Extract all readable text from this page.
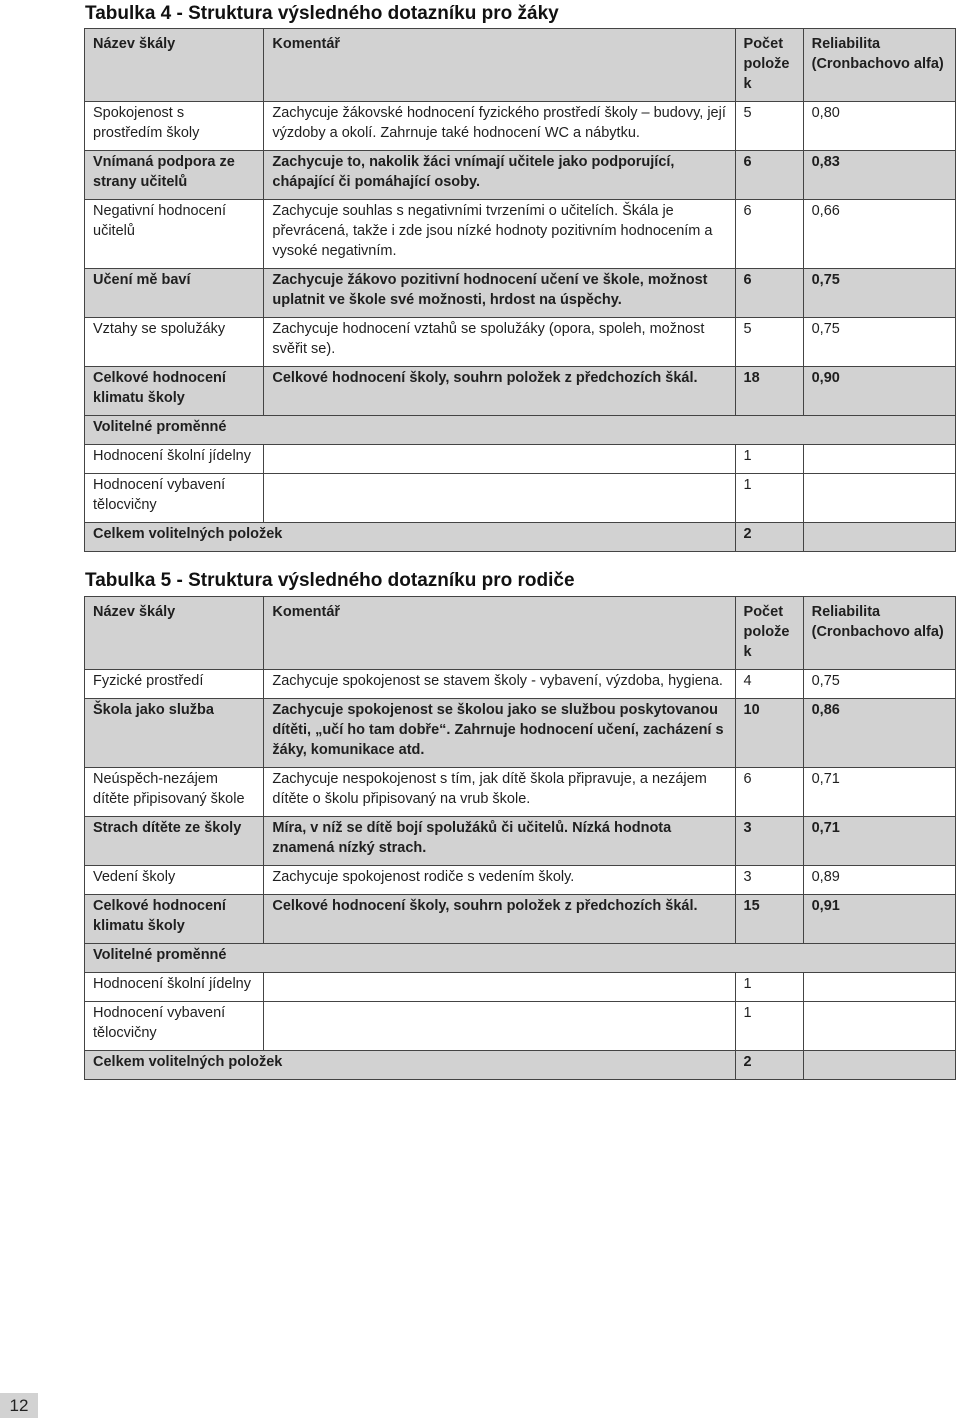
Tabulka 4 - Struktura výsledného dotazníku pro žáky
Název škály	Komentář	Počet položek	Reliabilita (Cronbachovo alfa)
Spokojenost s prostředím školy	Zachycuje žákovské hodnocení fyzického prostředí školy – budovy, její výzdoby a okolí. Zahrnuje také hodnocení WC a nábytku.	5	0,80
Vnímaná podpora ze strany učitelů	Zachycuje to, nakolik žáci vnímají učitele jako podporující, chápající či pomáhající osoby.	6	0,83
Negativní hodnocení učitelů	Zachycuje souhlas s negativními tvrzeními o učitelích. Škála je převrácená, takže i zde jsou nízké hodnoty pozitivním hodnocením a vysoké negativním.	6	0,66
Učení mě baví	Zachycuje žákovo pozitivní hodnocení učení ve škole, možnost uplatnit ve škole své možnosti, hrdost na úspěchy.	6	0,75
Vztahy se spolužáky	Zachycuje hodnocení vztahů se spolužáky (opora, spoleh, možnost svěřit se).	5	0,75
Celkové hodnocení klimatu školy	Celkové hodnocení školy, souhrn položek z předchozích škál.	18	0,90
Volitelné proměnné			
Hodnocení školní jídelny		1	
Hodnocení vybavení tělocvičny		1	
Celkem volitelných položek		2	
Tabulka 5 - Struktura výsledného dotazníku pro rodiče
Název škály	Komentář	Počet položek	Reliabilita (Cronbachovo alfa)
Fyzické prostředí	Zachycuje spokojenost se stavem školy - vybavení, výzdoba, hygiena.	4	0,75
Škola jako služba	Zachycuje spokojenost se školou jako se službou poskytovanou dítěti, „učí ho tam dobře“. Zahrnuje hodnocení učení, zacházení s žáky, komunikace atd.	10	0,86
Neúspěch-nezájem dítěte připisovaný škole	Zachycuje nespokojenost s tím, jak dítě škola připravuje, a nezájem dítěte o školu připisovaný na vrub škole.	6	0,71
Strach dítěte ze školy	Míra, v níž se dítě bojí spolužáků či učitelů. Nízká hodnota znamená nízký strach.	3	0,71
Vedení školy	Zachycuje spokojenost rodiče s vedením školy.	3	0,89
Celkové hodnocení klimatu školy	Celkové hodnocení školy, souhrn položek z předchozích škál.	15	0,91
Volitelné proměnné			
Hodnocení školní jídelny		1	
Hodnocení vybavení tělocvičny		1	
Celkem volitelných položek		2	
12
